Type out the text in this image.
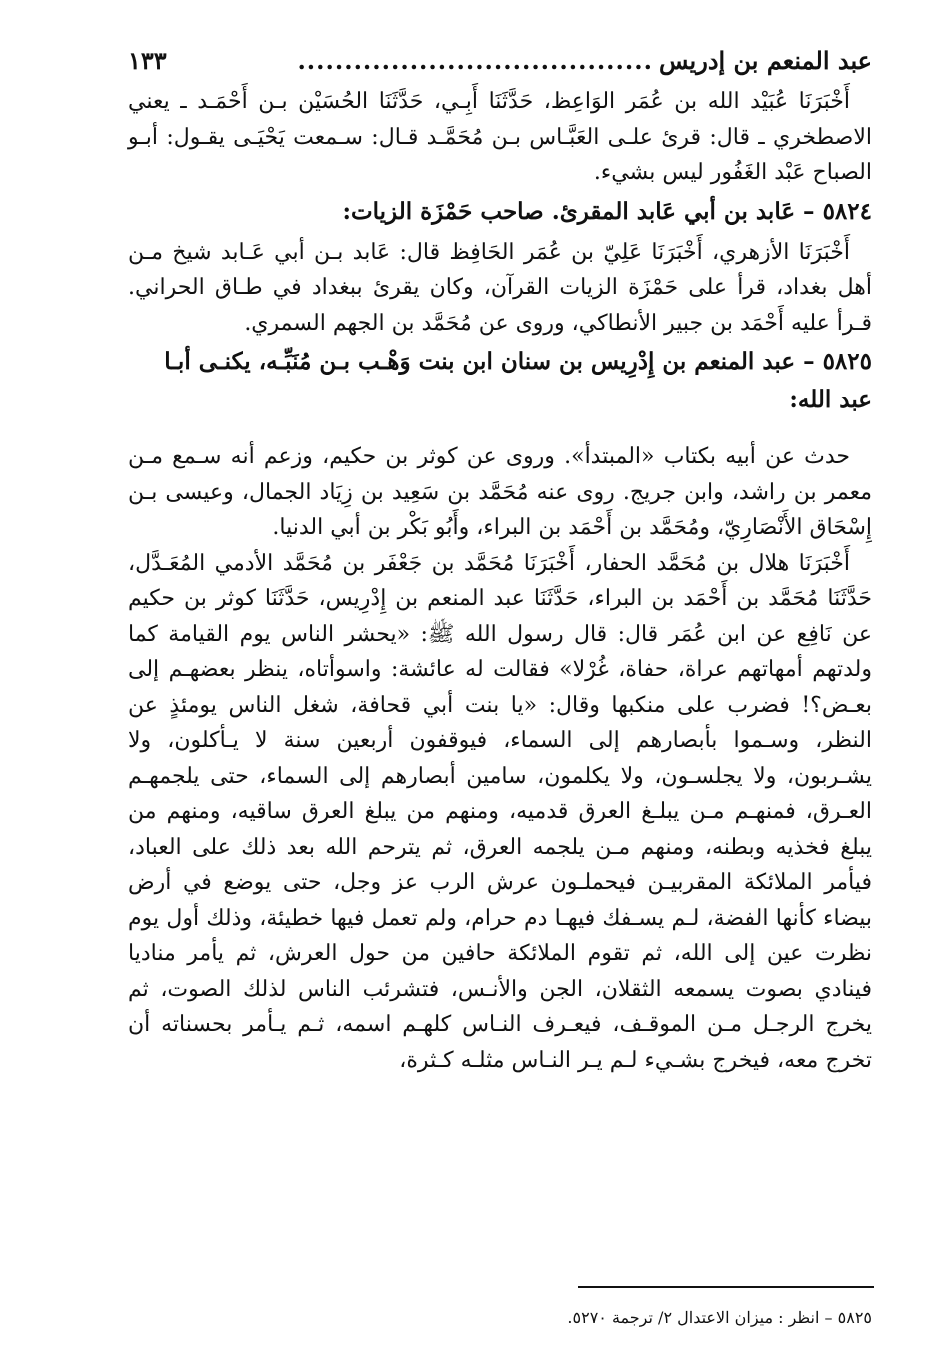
عبد المنعم بن إدريس
......................................
١٣٣

أَخْبَرَنَا عُبَيْد الله بن عُمَر الوَاعِظ، حَدَّثَنَا أَبِـي، حَدَّثَنَا الحُسَيْن بـن أَحْمَـد ـ يعني الاصطخري ـ قال: قرئ علـى العَبَّـاس بـن مُحَمَّـد قـال: سـمعت يَحْيَـى يقـول: أبـو الصباح عَبْد الغَفُور ليس بشيء.

٥٨٢٤ – عَابد بن أبي عَابد المقرئ. صاحب حَمْزَة الزيات:

أَخْبَرَنَا الأزهري، أَخْبَرَنَا عَلِيّ بن عُمَر الحَافِظ قال: عَابد بـن أبي عَـابد شيخ مـن أهل بغداد، قرأ على حَمْزَة الزيات القرآن، وكان يقرئ ببغداد في طـاق الحراني. قـرأ عليه أَحْمَد بن جبير الأنطاكي، وروى عن مُحَمَّد بن الجهم السمري.

٥٨٢٥ – عبد المنعم بن إِدْرِيس بن سنان ابن بنت وَهْـب بـن مُنَبِّـه، يكنـى أبـا عبد الله:

حدث عن أبيه بكتاب «المبتدأ». وروى عن كوثر بن حكيم، وزعم أنه سـمع مـن معمر بن راشد، وابن جريج. روى عنه مُحَمَّد بن سَعِيد بن زِيَاد الجمال، وعيسى بـن إِسْحَاق الأَنْصَارِيّ، ومُحَمَّد بن أَحْمَد بن البراء، وأَبُو بَكْر بن أبي الدنيا.

أَخْبَرَنَا هلال بن مُحَمَّد الحفار، أَخْبَرَنَا مُحَمَّد بن جَعْفَر بن مُحَمَّد الأدمي المُعَـدَّل، حَدَّثَنَا مُحَمَّد بن أَحْمَد بن البراء، حَدَّثَنَا عبد المنعم بن إِدْرِيس، حَدَّثَنَا كوثر بن حكيم عن نَافِع عن ابن عُمَر قال: قال رسول الله ﷺ: «يحشر الناس يوم القيامة كما ولدتهم أمهاتهم عراة، حفاة، غُرْلا» فقالت له عائشة: واسوأتاه، ينظر بعضهـم إلى بعـض؟! فضرب على منكبها وقال: «يا بنت أبي قحافة، شغل الناس يومئذٍ عن النظر، وسـموا بأبصارهم إلى السماء، فيوقفون أربعين سنة لا يـأكلون، ولا يشـربون، ولا يجلسـون، ولا يكلمون، سامين أبصارهم إلى السماء، حتى يلجمهـم العـرق، فمنهـم مـن يبلـغ العرق قدميه، ومنهم من يبلغ العرق ساقيه، ومنهم من يبلغ فخذيه وبطنه، ومنهم مـن يلجمه العرق، ثم يترحم الله بعد ذلك على العباد، فيأمر الملائكة المقربيـن فيحملـون عرش الرب عز وجل، حتى يوضع في أرض بيضاء كأنها الفضة، لـم يسـفك فيهـا دم حرام، ولم تعمل فيها خطيئة، وذلك أول يوم نظرت عين إلى الله، ثم تقوم الملائكة حافين من حول العرش، ثم يأمر مناديا فينادي بصوت يسمعه الثقلان، الجن والأنـس، فتشرئب الناس لذلك الصوت، ثم يخرج الرجـل مـن الموقـف، فيعـرف النـاس كلهـم اسمه، ثـم يـأمر بحسناته أن تخرج معه، فيخرج بشـيء لـم يـر النـاس مثلـه كـثرة،

٥٨٢٥ – انظر : ميزان الاعتدال ٢/ ترجمة ٥٢٧٠.
